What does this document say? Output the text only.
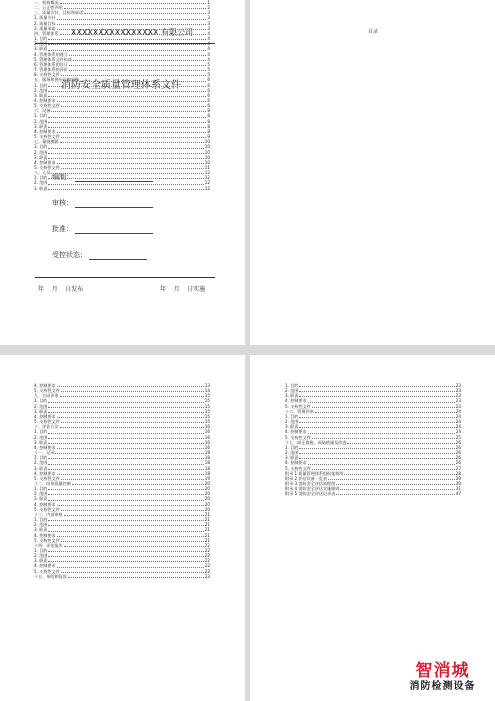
XXXXXXXXXXXXXXXX 有限公司
消防安全质量管理体系文件
编制：
审核：
批准：
受控状态：
年    月    日发布	年    月    日实施
目录
一、机构概况	1
二、公正性声明	2
三、质量方针、目标和承诺	3
1. 质量方针	3
2. 质量目标	3
3. 质量承诺	3
四、管理体系	4
1. 目的	4
2. 范围	4
3. 职责	4
4. 管理体系的建立	4
5. 管理体系文件构成	4
6. 管理体系的设计	5
7. 管理体系的评价	5
8. 支持性文件	5
五、服务和供应品的采购	6
1. 目的	6
2. 范围	6
3. 职责	6
4. 控制要求	6
5. 支持性文件	6
六、设备	8
1. 目的	8
2. 范围	8
3. 职责	8
4. 控制要求	8
5. 支持性文件	9
七、量值溯源	10
1. 目的	10
2. 范围	10
3. 职责	10
4. 控制要求	10
5. 支持性文件	11
八、人员	12
1. 目的	12
2. 范围	12
3. 职责	12
4. 控制要求	13
5. 支持性文件	14
九、合同评审	15
1. 目的	15
2. 范围	15
3. 职责	15
4. 控制要求	15
5. 支持性文件	15
十、评估方法	16
1. 目的	16
2. 范围	16
3. 职责	16
4. 控制要求	16
十一、记录	18
1. 目的	18
2. 范围	18
3. 职责	18
4. 控制要求	18
5. 支持性文件	19
十二、结果质量控制	20
1. 目的	20
2. 范围	20
3. 职责	20
4. 控制要求	20
5. 支持性文件	20
十三、内部审核	21
1. 目的	21
2. 范围	21
3. 职责	21
4. 控制要求	21
5. 支持性文件	21
十四、评估报告	22
1. 目的	22
2. 范围	22
3. 职责	22
4. 控制要求	22
5. 支持性文件	22
十五、单的和投诉	23
1. 目的	23
2. 范围	23
3. 职责	23
4. 控制要求	23
5. 支持性文件	23
十六、管理评审	24
1. 目的	24
2. 范围	24
3. 职责	24
4. 控制要求	24
5. 支持性文件	25
十七、纠正措施、预防措施及改进	26
1. 目的	26
2. 范围	26
3. 职责	26
4. 控制要求	26
5. 支持性文件	27
附录 1 质量管理体系组织架构图	28
附录 2 评估设备一览表	29
附录 3 消防安全评估流程图	30
附录 4 消防安全评估实施细则	31
附录 5 消防安全评估记录表	47
智消城
消防检测设备
